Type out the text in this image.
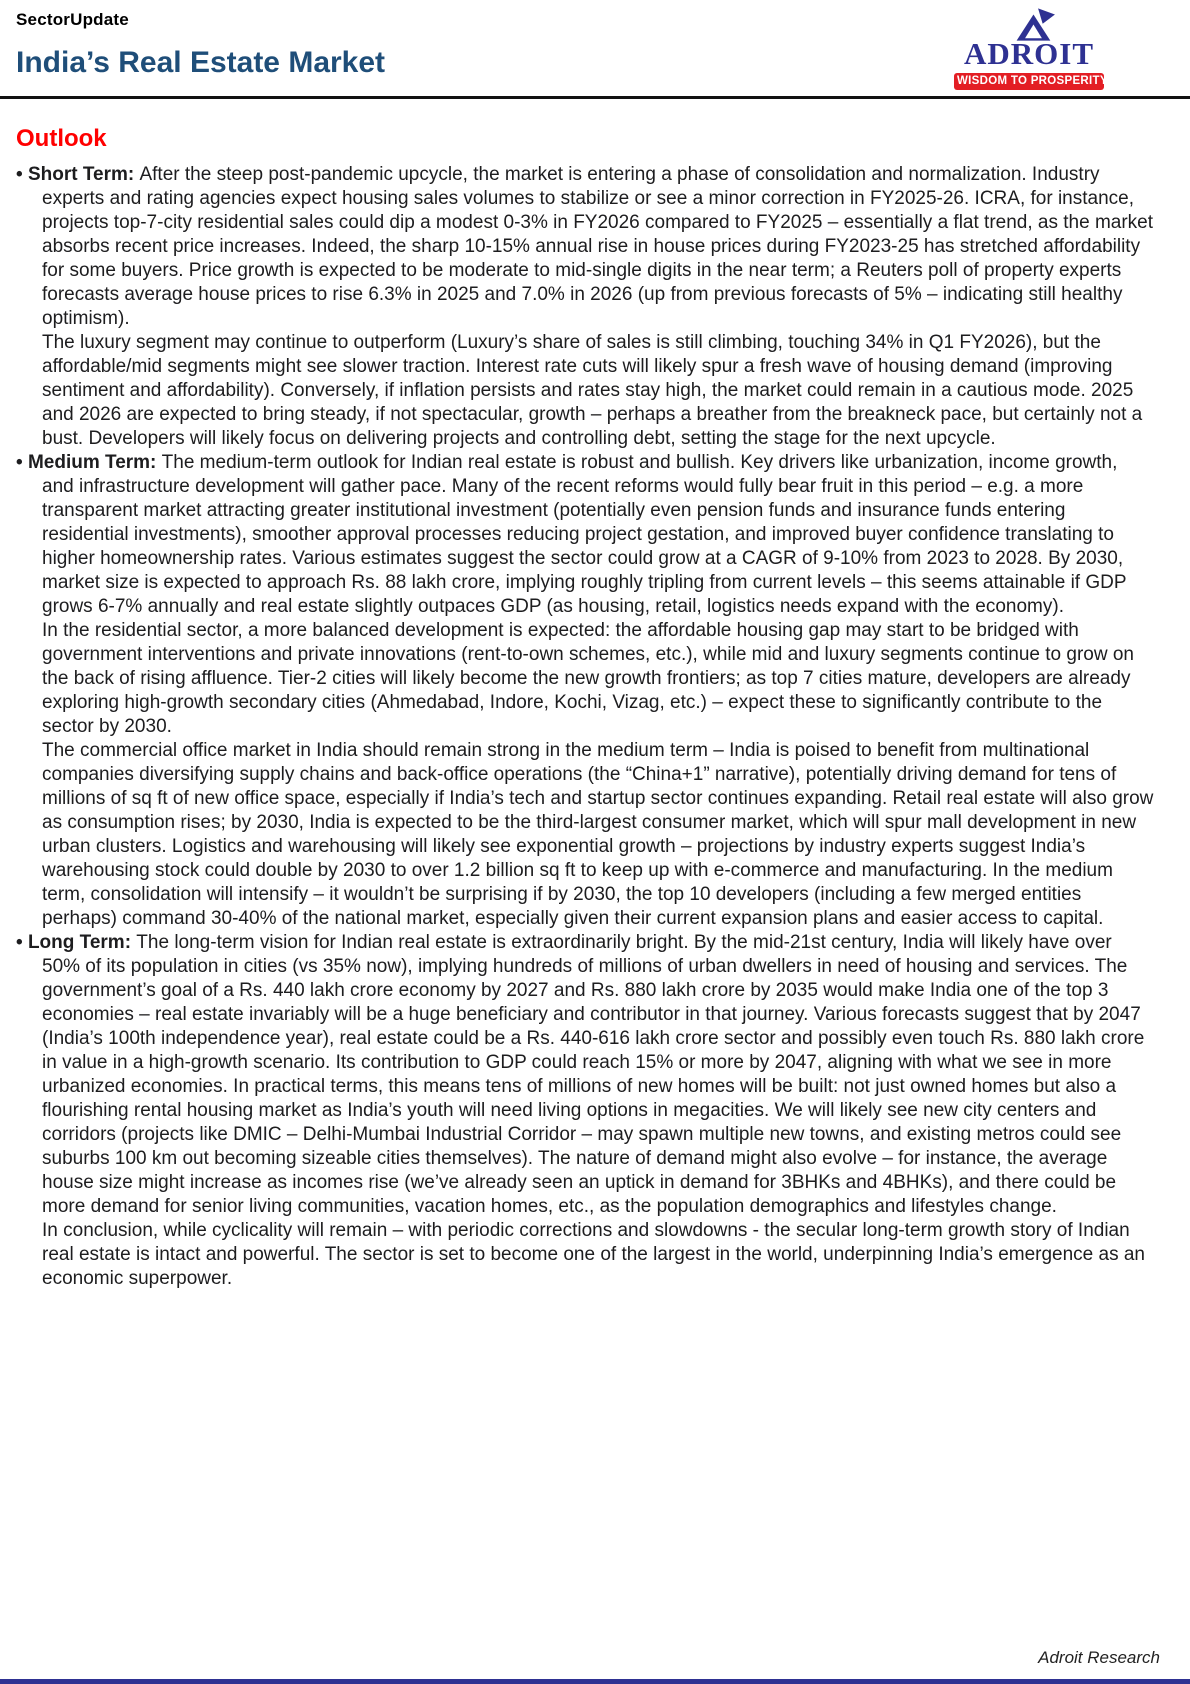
SectorUpdate
India’s Real Estate Market	ADROIT
WISDOM TO PROSPERITY
Outlook

• Short Term: After the steep post-pandemic upcycle, the market is entering a phase of consolidation and normalization. Industry experts and rating agencies expect housing sales volumes to stabilize or see a minor correction in FY2025-26. ICRA, for instance, projects top-7-city residential sales could dip a modest 0-3% in FY2026 compared to FY2025 – essentially a flat trend, as the market absorbs recent price increases. Indeed, the sharp 10-15% annual rise in house prices during FY2023-25 has stretched affordability for some buyers. Price growth is expected to be moderate to mid-single digits in the near term; a Reuters poll of property experts forecasts average house prices to rise 6.3% in 2025 and 7.0% in 2026 (up from previous forecasts of 5% – indicating still healthy optimism).

The luxury segment may continue to outperform (Luxury’s share of sales is still climbing, touching 34% in Q1 FY2026), but the affordable/mid segments might see slower traction. Interest rate cuts will likely spur a fresh wave of housing demand (improving sentiment and affordability). Conversely, if inflation persists and rates stay high, the market could remain in a cautious mode. 2025 and 2026 are expected to bring steady, if not spectacular, growth – perhaps a breather from the breakneck pace, but certainly not a bust. Developers will likely focus on delivering projects and controlling debt, setting the stage for the next upcycle.

• Medium Term: The medium-term outlook for Indian real estate is robust and bullish. Key drivers like urbanization, income growth, and infrastructure development will gather pace. Many of the recent reforms would fully bear fruit in this period – e.g. a more transparent market attracting greater institutional investment (potentially even pension funds and insurance funds entering residential investments), smoother approval processes reducing project gestation, and improved buyer confidence translating to higher homeownership rates. Various estimates suggest the sector could grow at a CAGR of 9-10% from 2023 to 2028. By 2030, market size is expected to approach Rs. 88 lakh crore, implying roughly tripling from current levels – this seems attainable if GDP grows 6-7% annually and real estate slightly outpaces GDP (as housing, retail, logistics needs expand with the economy).

In the residential sector, a more balanced development is expected: the affordable housing gap may start to be bridged with government interventions and private innovations (rent-to-own schemes, etc.), while mid and luxury segments continue to grow on the back of rising affluence. Tier-2 cities will likely become the new growth frontiers; as top 7 cities mature, developers are already exploring high-growth secondary cities (Ahmedabad, Indore, Kochi, Vizag, etc.) – expect these to significantly contribute to the sector by 2030.

The commercial office market in India should remain strong in the medium term – India is poised to benefit from multinational companies diversifying supply chains and back-office operations (the “China+1” narrative), potentially driving demand for tens of millions of sq ft of new office space, especially if India’s tech and startup sector continues expanding. Retail real estate will also grow as consumption rises; by 2030, India is expected to be the third-largest consumer market, which will spur mall development in new urban clusters. Logistics and warehousing will likely see exponential growth – projections by industry experts suggest India’s warehousing stock could double by 2030 to over 1.2 billion sq ft to keep up with e-commerce and manufacturing. In the medium term, consolidation will intensify – it wouldn’t be surprising if by 2030, the top 10 developers (including a few merged entities perhaps) command 30-40% of the national market, especially given their current expansion plans and easier access to capital.

• Long Term: The long-term vision for Indian real estate is extraordinarily bright. By the mid-21st century, India will likely have over 50% of its population in cities (vs 35% now), implying hundreds of millions of urban dwellers in need of housing and services. The government’s goal of a Rs. 440 lakh crore economy by 2027 and Rs. 880 lakh crore by 2035 would make India one of the top 3 economies – real estate invariably will be a huge beneficiary and contributor in that journey. Various forecasts suggest that by 2047 (India’s 100th independence year), real estate could be a Rs. 440-616 lakh crore sector and possibly even touch Rs. 880 lakh crore in value in a high-growth scenario. Its contribution to GDP could reach 15% or more by 2047, aligning with what we see in more urbanized economies. In practical terms, this means tens of millions of new homes will be built: not just owned homes but also a flourishing rental housing market as India’s youth will need living options in megacities. We will likely see new city centers and corridors (projects like DMIC – Delhi-Mumbai Industrial Corridor – may spawn multiple new towns, and existing metros could see suburbs 100 km out becoming sizeable cities themselves). The nature of demand might also evolve – for instance, the average house size might increase as incomes rise (we’ve already seen an uptick in demand for 3BHKs and 4BHKs), and there could be more demand for senior living communities, vacation homes, etc., as the population demographics and lifestyles change.

In conclusion, while cyclicality will remain – with periodic corrections and slowdowns - the secular long-term growth story of Indian real estate is intact and powerful. The sector is set to become one of the largest in the world, underpinning India’s emergence as an economic superpower.

Adroit Research
